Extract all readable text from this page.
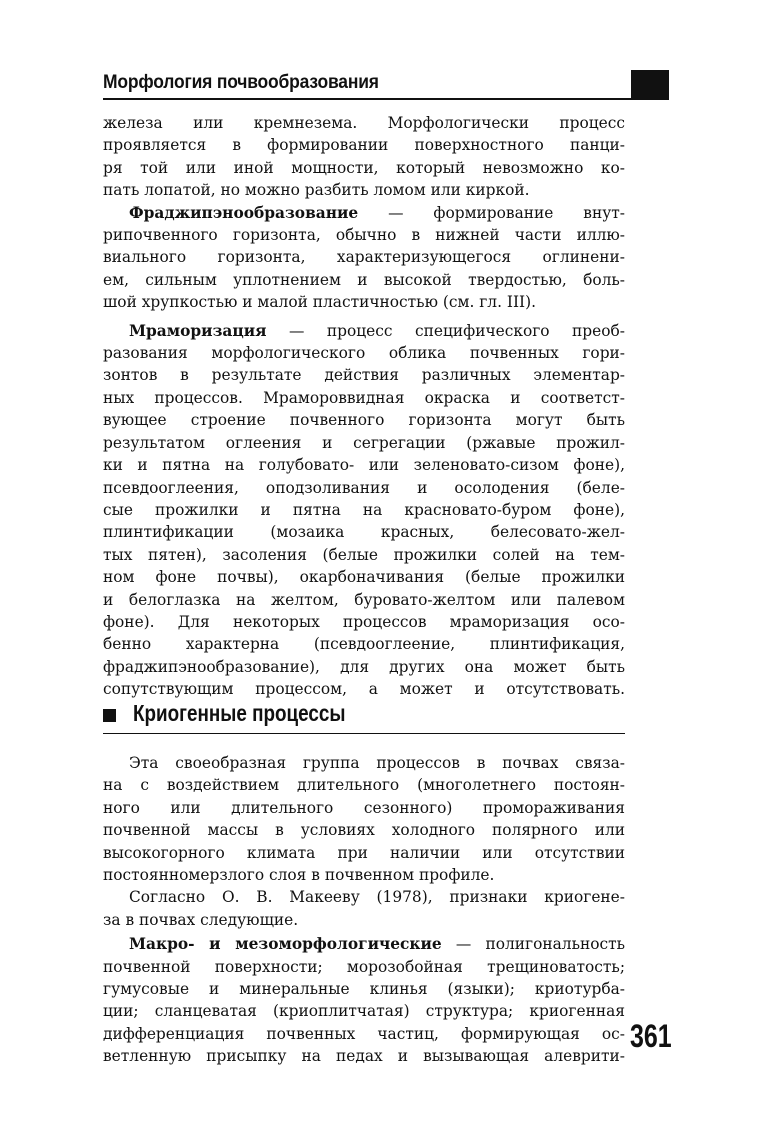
Морфология почвообразования
железа или кремнезема. Морфологически процесс
проявляется в формировании поверхностного панци-
ря той или иной мощности, который невозможно ко-
пать лопатой, но можно разбить ломом или киркой.
Фраджипэнообразование — формирование внут-
рипочвенного горизонта, обычно в нижней части иллю-
виального горизонта, характеризующегося оглинени-
ем, сильным уплотнением и высокой твердостью, боль-
шой хрупкостью и малой пластичностью (см. гл. III).
Мраморизация — процесс специфического преоб-
разования морфологического облика почвенных гори-
зонтов в результате действия различных элементар-
ных процессов. Мрамороввидная окраска и соответст-
вующее строение почвенного горизонта могут быть
результатом оглеения и сегрегации (ржавые прожил-
ки и пятна на голубовато- или зеленовато-сизом фоне),
псевдооглеения, оподзоливания и осолодения (беле-
сые прожилки и пятна на красновато-буром фоне),
плинтификации (мозаика красных, белесовато-жел-
тых пятен), засоления (белые прожилки солей на тем-
ном фоне почвы), окарбоначивания (белые прожилки
и белоглазка на желтом, буровато-желтом или палевом
фоне). Для некоторых процессов мраморизация осо-
бенно характерна (псевдооглеение, плинтификация,
фраджипэнообразование), для других она может быть
сопутствующим процессом, а может и отсутствовать.
Криогенные процессы
Эта своеобразная группа процессов в почвах связа-
на с воздействием длительного (многолетнего постоян-
ного или длительного сезонного) промораживания
почвенной массы в условиях холодного полярного или
высокогорного климата при наличии или отсутствии
постоянномерзлого слоя в почвенном профиле.
Согласно О. В. Макееву (1978), признаки криогене-
за в почвах следующие.
Макро- и мезоморфологические — полигональность
почвенной поверхности; морозобойная трещиноватость;
гумусовые и минеральные клинья (языки); криотурба-
ции; сланцеватая (криоплитчатая) структура; криогенная
дифференциация почвенных частиц, формирующая ос-
ветленную присыпку на педах и вызывающая алеврити-
361
